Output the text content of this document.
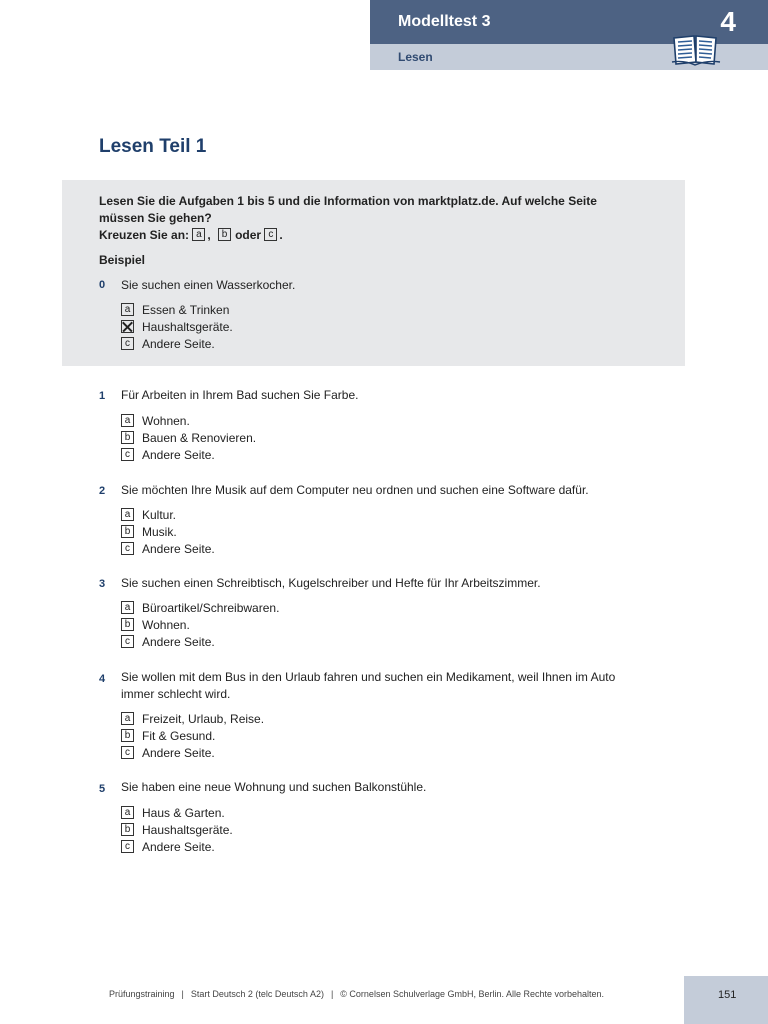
Modelltest 3
Lesen
4
Lesen Teil 1
Lesen Sie die Aufgaben 1 bis 5 und die Information von marktplatz.de. Auf welche Seite müssen Sie gehen?
Kreuzen Sie an: a , b oder c .
Beispiel
0 Sie suchen einen Wasserkocher.
a Essen & Trinken
Haushaltsgeräte.
c Andere Seite.
1 Für Arbeiten in Ihrem Bad suchen Sie Farbe.
a Wohnen.
b Bauen & Renovieren.
c Andere Seite.
2 Sie möchten Ihre Musik auf dem Computer neu ordnen und suchen eine Software dafür.
a Kultur.
b Musik.
c Andere Seite.
3 Sie suchen einen Schreibtisch, Kugelschreiber und Hefte für Ihr Arbeitszimmer.
a Büroartikel/Schreibwaren.
b Wohnen.
c Andere Seite.
4 Sie wollen mit dem Bus in den Urlaub fahren und suchen ein Medikament, weil Ihnen im Auto immer schlecht wird.
a Freizeit, Urlaub, Reise.
b Fit & Gesund.
c Andere Seite.
5 Sie haben eine neue Wohnung und suchen Balkonstühle.
a Haus & Garten.
b Haushaltsgeräte.
c Andere Seite.
Prüfungstraining | Start Deutsch 2 (telc Deutsch A2) | © Cornelsen Schulverlage GmbH, Berlin. Alle Rechte vorbehalten.	151
